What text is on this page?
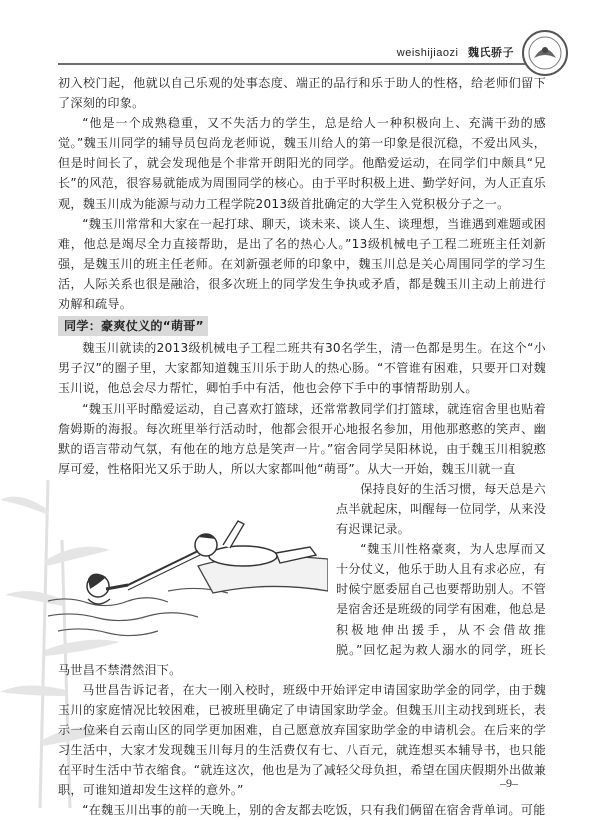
weishijiaozi 魏氏骄子

初入校门起，他就以自己乐观的处事态度、端正的品行和乐于助人的性格，给老师们留下了深刻的印象。

“他是一个成熟稳重，又不失活力的学生，总是给人一种积极向上、充满干劲的感觉。”魏玉川同学的辅导员包尚龙老师说，魏玉川给人的第一印象是很沉稳，不爱出风头，但是时间长了，就会发现他是个非常开朗阳光的同学。他酷爱运动，在同学们中颇具“兄长”的风范，很容易就能成为周围同学的核心。由于平时积极上进、勤学好问，为人正直乐观，魏玉川成为能源与动力工程学院2013级首批确定的大学生入党积极分子之一。

“魏玉川常常和大家在一起打球、聊天，谈未来、谈人生、谈理想，当谁遇到难题或困难，他总是竭尽全力直接帮助，是出了名的热心人。”13级机械电子工程二班班主任刘新强，是魏玉川的班主任老师。在刘新强老师的印象中，魏玉川总是关心周围同学的学习生活，人际关系也很是融洽，很多次班上的同学发生争执或矛盾，都是魏玉川主动上前进行劝解和疏导。

同学：豪爽仗义的“萌哥”

魏玉川就读的2013级机械电子工程二班共有30名学生，清一色都是男生。在这个“小男子汉”的圈子里，大家都知道魏玉川乐于助人的热心肠。“不管谁有困难，只要开口对魏玉川说，他总会尽力帮忙，卿怕手中有活，他也会停下手中的事情帮助别人。

“魏玉川平时酷爱运动，自己喜欢打篮球，还常常教同学们打篮球，就连宿舍里也贴着詹姆斯的海报。每次班里举行活动时，他都会很开心地报名参加，用他那憨憨的笑声、幽默的语言带动气氛，有他在的地方总是笑声一片。”宿舍同学吴阳林说，由于魏玉川相貌憨厚可爱，性格阳光又乐于助人，所以大家都叫他“萌哥”。从大一开始，魏玉川就一直

保持良好的生活习惯，每天总是六点半就起床，叫醒每一位同学，从来没有迟课记录。

“魏玉川性格豪爽，为人忠厚而又十分仗义，他乐于助人且有求必应，有时候宁愿委屈自己也要帮助别人。不管是宿舍还是班级的同学有困难，他总是积极地伸出援手，从不会借故推脱。”回忆起为救人溺水的同学，班长马世昌不禁潸然泪下。

马世昌告诉记者，在大一刚入校时，班级中开始评定申请国家助学金的同学，由于魏玉川的家庭情况比较困难，已被班里确定了申请国家助学金。但魏玉川主动找到班长，表示一位来自云南山区的同学更加困难，自己愿意放弃国家助学金的申请机会。在后来的学习生活中，大家才发现魏玉川每月的生活费仅有七、八百元，就连想买本辅导书，也只能在平时生活中节衣缩食。“就连这次，他也是为了减轻父母负担，希望在国庆假期外出做兼职，可谁知道却发生这样的意外。”

“在魏玉川出事的前一天晚上，别的舍友都去吃饭，只有我们俩留在宿舍背单词。可能

–9–
